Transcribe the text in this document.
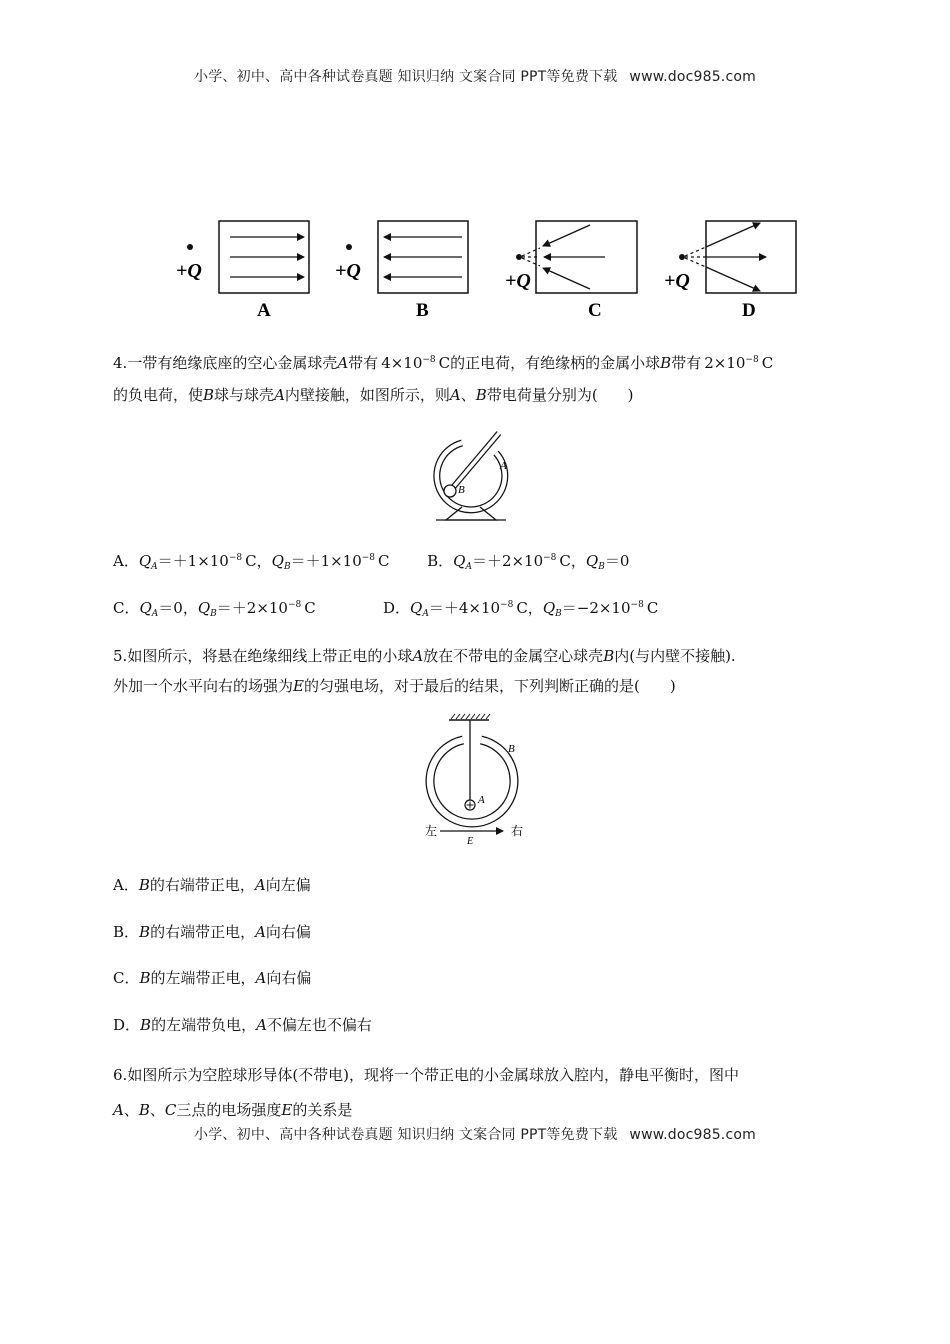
小学、初中、高中各种试卷真题 知识归纳 文案合同 PPT等免费下载 www.doc985.com
+Q
A
+Q
B
+Q
C
+Q
D
4.一带有绝缘底座的空心金属球壳A带有  $4\times 10^{-8}$  C的正电荷，有绝缘柄的金属小球B带有  $2\times 10^{-8}$  C
的负电荷，使B球与球壳A内壁接触，如图所示，则A、B带电荷量分别为(　　)
A
B
A．$Q_A=+1\times 10^{-8}$  C，$Q_B=+1\times 10^{-8}$  C	B．$Q_A=+2\times 10^{-8}$  C，$Q_B=0$
C．$Q_A=0$，$Q_B=+2\times 10^{-8}$  C	D．$Q_A=+4\times 10^{-8}$  C，$Q_B=-2\times 10^{-8}$  C
5.如图所示，将悬在绝缘细线上带正电的小球A放在不带电的金属空心球壳B内(与内壁不接触).
外加一个水平向右的场强为E的匀强电场，对于最后的结果，下列判断正确的是(　　)
B
A
左	右
E
A．B的右端带正电，A向左偏
B．B的右端带正电，A向右偏
C．B的左端带正电，A向右偏
D．B的左端带负电，A不偏左也不偏右
6.如图所示为空腔球形导体(不带电)，现将一个带正电的小金属球放入腔内，静电平衡时，图中
A、B、C三点的电场强度E的关系是
小学、初中、高中各种试卷真题 知识归纳 文案合同 PPT等免费下载 www.doc985.com
